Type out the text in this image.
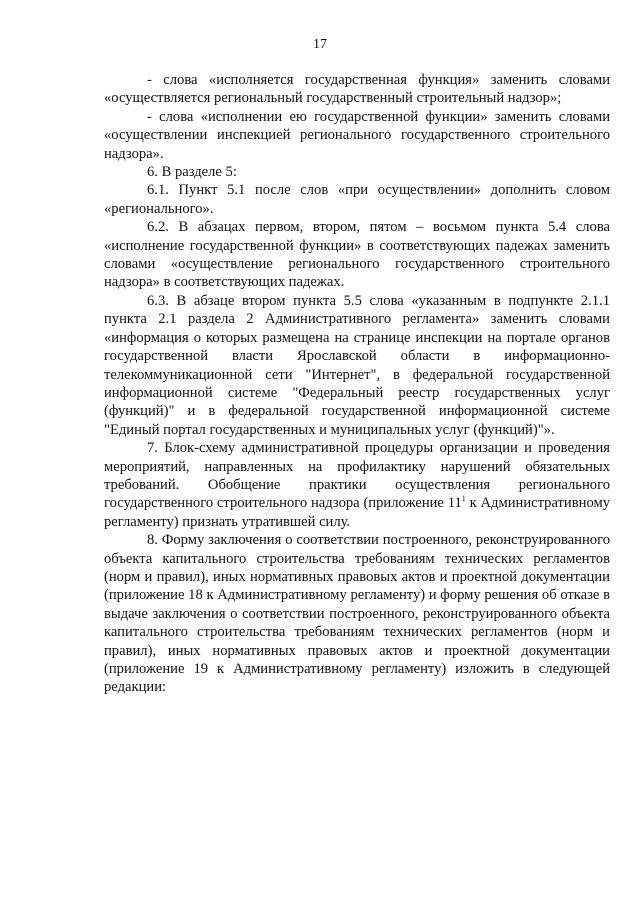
17

- слова «исполняется государственная функция» заменить словами «осуществляется региональный государственный строительный надзор»;

- слова «исполнении ею государственной функции» заменить словами «осуществлении инспекцией регионального государственного строительного надзора».

6. В разделе 5:

6.1. Пункт 5.1 после слов «при осуществлении» дополнить словом «регионального».

6.2. В абзацах первом, втором, пятом – восьмом пункта 5.4 слова «исполнение государственной функции» в соответствующих падежах заменить словами «осуществление регионального государственного строительного надзора» в соответствующих падежах.

6.3. В абзаце втором пункта 5.5 слова «указанным в подпункте 2.1.1 пункта 2.1 раздела 2 Административного регламента» заменить словами «информация о которых размещена на странице инспекции на портале органов государственной власти Ярославской области в информационно-телекоммуникационной сети "Интернет", в федеральной государственной информационной системе "Федеральный реестр государственных услуг (функций)" и в федеральной государственной информационной системе "Единый портал государственных и муниципальных услуг (функций)"».

7. Блок-схему административной процедуры организации и проведения мероприятий, направленных на профилактику нарушений обязательных требований. Обобщение практики осуществления регионального государственного строительного надзора (приложение $11^1$ к Административному регламенту) признать утратившей силу.

8. Форму заключения о соответствии построенного, реконструированного объекта капитального строительства требованиям технических регламентов (норм и правил), иных нормативных правовых актов и проектной документации (приложение 18 к Административному регламенту) и форму решения об отказе в выдаче заключения о соответствии построенного, реконструированного объекта капитального строительства требованиям технических регламентов (норм и правил), иных нормативных правовых актов и проектной документации (приложение 19 к Административному регламенту) изложить в следующей редакции:
